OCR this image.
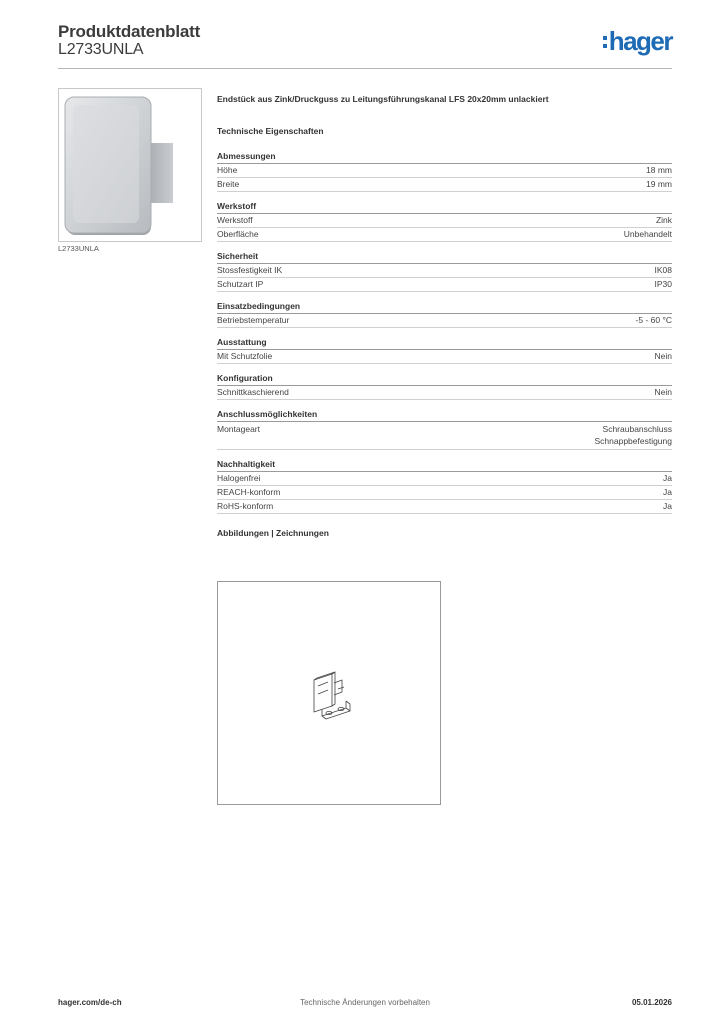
Produktdatenblatt
L2733UNLA	hager
L2733UNLA
Endstück aus Zink/Druckguss zu Leitungsführungskanal LFS 20x20mm unlackiert
Technische Eigenschaften
Abmessungen
Höhe	18 mm
Breite	19 mm
Werkstoff
Werkstoff	Zink
Oberfläche	Unbehandelt
Sicherheit
Stossfestigkeit IK	IK08
Schutzart IP	IP30
Einsatzbedingungen
Betriebstemperatur	-5 - 60 °C
Ausstattung
Mit Schutzfolie	Nein
Konfiguration
Schnittkaschierend	Nein
Anschlussmöglichkeiten
Montageart	Schraubanschluss
Schnappbefestigung
Nachhaltigkeit
Halogenfrei	Ja
REACH-konform	Ja
RoHS-konform	Ja
Abbildungen | Zeichnungen
hager.com/de-ch	Technische Änderungen vorbehalten	05.01.2026
